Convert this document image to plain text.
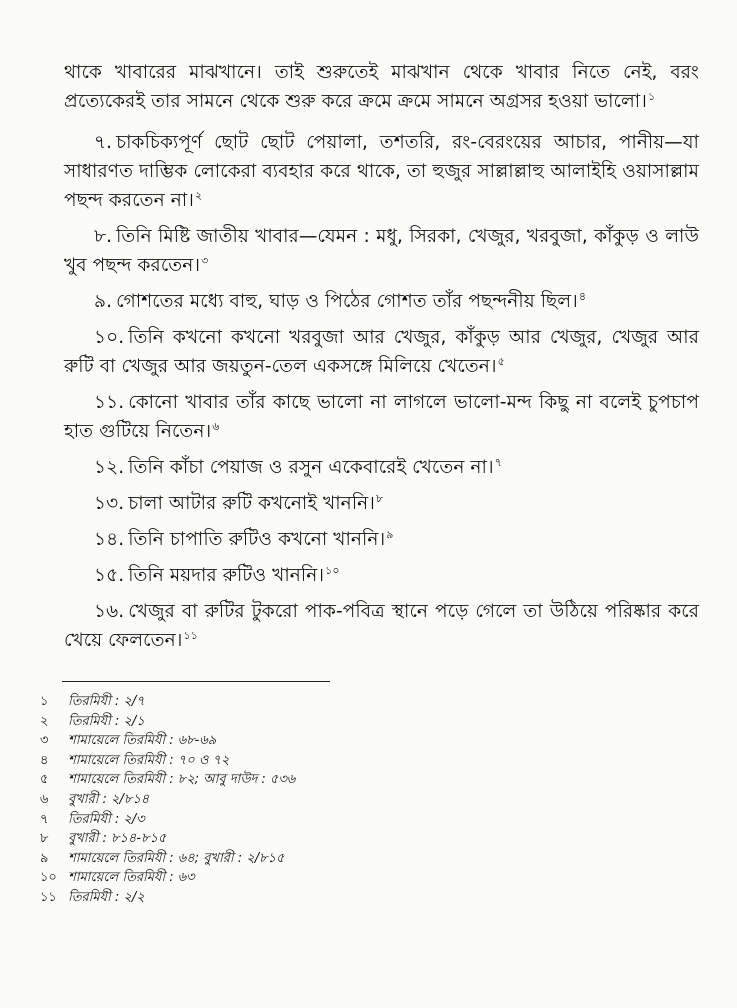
থাকে খাবারের মাঝখানে। তাই শুরুতেই মাঝখান থেকে খাবার নিতে নেই, বরং প্রত্যেকেরই তার সামনে থেকে শুরু করে ক্রমে ক্রমে সামনে অগ্রসর হওয়া ভালো।$^১$

৭. চাকচিক্যপূর্ণ ছোট ছোট পেয়ালা, তশতরি, রং-বেরংয়ের আচার, পানীয়—যা সাধারণত দাম্ভিক লোকেরা ব্যবহার করে থাকে, তা হুজুর সাল্লাল্লাহু আলাইহি ওয়াসাল্লাম পছন্দ করতেন না।$^২$

৮. তিনি মিষ্টি জাতীয় খাবার—যেমন : মধু, সিরকা, খেজুর, খরবুজা, কাঁকুড় ও লাউ খুব পছন্দ করতেন।$^৩$

৯. গোশতের মধ্যে বাহু, ঘাড় ও পিঠের গোশত তাঁর পছন্দনীয় ছিল।$^৪$

১০. তিনি কখনো কখনো খরবুজা আর খেজুর, কাঁকুড় আর খেজুর, খেজুর আর রুটি বা খেজুর আর জয়তুন-তেল একসঙ্গে মিলিয়ে খেতেন।$^৫$

১১. কোনো খাবার তাঁর কাছে ভালো না লাগলে ভালো-মন্দ কিছু না বলেই চুপচাপ হাত গুটিয়ে নিতেন।$^৬$

১২. তিনি কাঁচা পেয়াজ ও রসুন একেবারেই খেতেন না।$^৭$

১৩. চালা আটার রুটি কখনোই খাননি।$^৮$

১৪. তিনি চাপাতি রুটিও কখনো খাননি।$^৯$

১৫. তিনি ময়দার রুটিও খাননি।$^{১০}$

১৬. খেজুর বা রুটির টুকরো পাক-পবিত্র স্থানে পড়ে গেলে তা উঠিয়ে পরিষ্কার করে খেয়ে ফেলতেন।$^{১১}$

১	তিরমিযী : ২/৭
২	তিরমিযী : ২/১
৩	শামায়েলে তিরমিযী : ৬৮-৬৯
৪	শামায়েলে তিরমিযী : ৭০ ও ৭২
৫	শামায়েলে তিরমিযী : ৮২; আবু দাউদ : ৫৩৬
৬	বুখারী : ২/৮১৪
৭	তিরমিযী : ২/৩
৮	বুখারী : ৮১৪-৮১৫
৯	শামায়েলে তিরমিযী : ৬৪; বুখারী : ২/৮১৫
১০ শামায়েলে তিরমিযী : ৬৩
১১ তিরমিযী : ২/২
